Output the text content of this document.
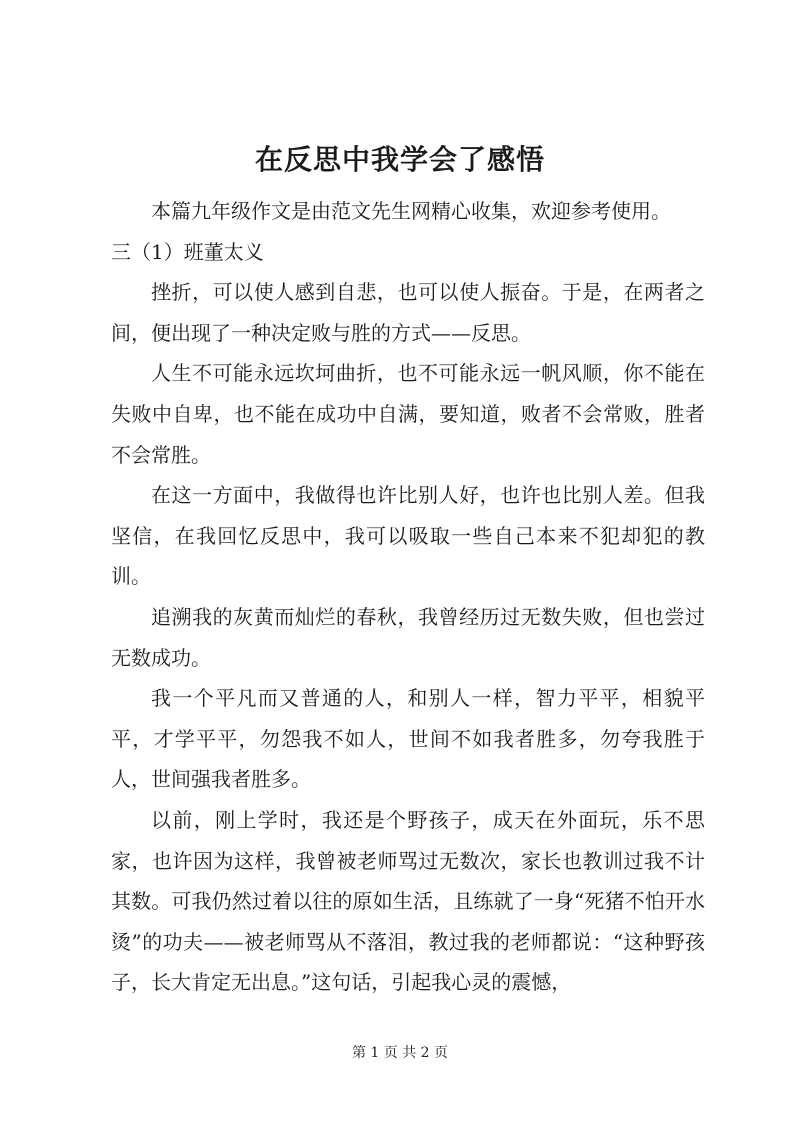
在反思中我学会了感悟

本篇九年级作文是由范文先生网精心收集，欢迎参考使用。

三（1）班董太义

挫折，可以使人感到自悲，也可以使人振奋。于是，在两者之间，便出现了一种决定败与胜的方式——反思。

人生不可能永远坎坷曲折，也不可能永远一帆风顺，你不能在失败中自卑，也不能在成功中自满，要知道，败者不会常败，胜者不会常胜。

在这一方面中，我做得也许比别人好，也许也比别人差。但我坚信，在我回忆反思中，我可以吸取一些自己本来不犯却犯的教训。

追溯我的灰黄而灿烂的春秋，我曾经历过无数失败，但也尝过无数成功。

我一个平凡而又普通的人，和别人一样，智力平平，相貌平平，才学平平，勿怨我不如人，世间不如我者胜多，勿夸我胜于人，世间强我者胜多。

以前，刚上学时，我还是个野孩子，成天在外面玩，乐不思家，也许因为这样，我曾被老师骂过无数次，家长也教训过我不计其数。可我仍然过着以往的原如生活，且练就了一身“死猪不怕开水烫”的功夫——被老师骂从不落泪，教过我的老师都说：“这种野孩子，长大肯定无出息。”这句话，引起我心灵的震憾，

第 1 页 共 2 页
